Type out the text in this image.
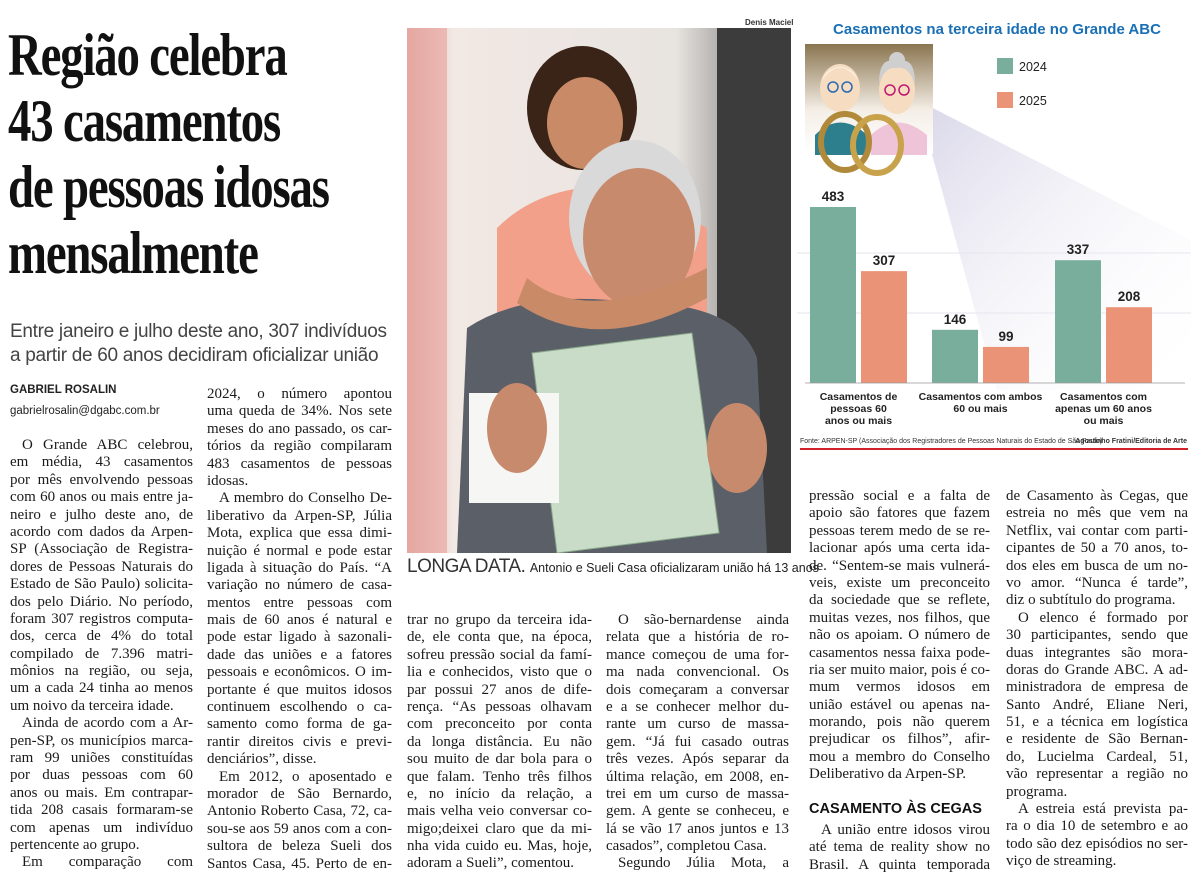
Região celebra
43 casamentos
de pessoas idosas
mensalmente
Entre janeiro e julho deste ano, 307 indivíduos
a partir de 60 anos decidiram oficializar união
GABRIEL ROSALIN
gabrielrosalin@dgabc.com.br
O Grande ABC celebrou,
em média, 43 casamentos
por mês envolvendo pessoas
com 60 anos ou mais entre ja-
neiro e julho deste ano, de
acordo com dados da Arpen-
SP (Associação de Registra-
dores de Pessoas Naturais do
Estado de São Paulo) solicita-
dos pelo Diário. No período,
foram 307 registros computa-
dos, cerca de 4% do total
compilado de 7.396 matri-
mônios na região, ou seja,
um a cada 24 tinha ao menos
um noivo da terceira idade.
Ainda de acordo com a Ar-
pen-SP, os municípios marca-
ram 99 uniões constituídas
por duas pessoas com 60
anos ou mais. Em contrapar-
tida 208 casais formaram-se
com apenas um indivíduo
pertencente ao grupo.
Em comparação com
2024, o número apontou
uma queda de 34%. Nos sete
meses do ano passado, os car-
tórios da região compilaram
483 casamentos de pessoas
idosas.
A membro do Conselho De-
liberativo da Arpen-SP, Júlia
Mota, explica que essa dimi-
nuição é normal e pode estar
ligada à situação do País. “A
variação no número de casa-
mentos entre pessoas com
mais de 60 anos é natural e
pode estar ligado à sazonali-
dade das uniões e a fatores
pessoais e econômicos. O im-
portante é que muitos idosos
continuem escolhendo o ca-
samento como forma de ga-
rantir direitos civis e previ-
denciários”, disse.
Em 2012, o aposentado e
morador de São Bernardo,
Antonio Roberto Casa, 72, ca-
sou-se aos 59 anos com a con-
sultora de beleza Sueli dos
Santos Casa, 45. Perto de en-
trar no grupo da terceira ida-
de, ele conta que, na época,
sofreu pressão social da famí-
lia e conhecidos, visto que o
par possui 27 anos de dife-
rença. “As pessoas olhavam
com preconceito por conta
da longa distância. Eu não
sou muito de dar bola para o
que falam. Tenho três filhos
e, no início da relação, a
mais velha veio conversar co-
migo;deixei claro que da mi-
nha vida cuido eu. Mas, hoje,
adoram a Sueli”, comentou.
O são-bernardense ainda
relata que a história de ro-
mance começou de uma for-
ma nada convencional. Os
dois começaram a conversar
e a se conhecer melhor du-
rante um curso de massa-
gem. “Já fui casado outras
três vezes. Após separar da
última relação, em 2008, en-
trei em um curso de massa-
gem. A gente se conheceu, e
lá se vão 17 anos juntos e 13
casados”, completou Casa.
Segundo Júlia Mota, a
pressão social e a falta de
apoio são fatores que fazem
pessoas terem medo de se re-
lacionar após uma certa ida-
de. “Sentem-se mais vulnerá-
veis, existe um preconceito
da sociedade que se reflete,
muitas vezes, nos filhos, que
não os apoiam. O número de
casamentos nessa faixa pode-
ria ser muito maior, pois é co-
mum vermos idosos em
união estável ou apenas na-
morando, pois não querem
prejudicar os filhos”, afir-
mou a membro do Conselho
Deliberativo da Arpen-SP.
CASAMENTO ÀS CEGAS
A união entre idosos virou
até tema de reality show no
Brasil. A quinta temporada
de Casamento às Cegas, que
estreia no mês que vem na
Netflix, vai contar com parti-
cipantes de 50 a 70 anos, to-
dos eles em busca de um no-
vo amor. “Nunca é tarde”,
diz o subtítulo do programa.
O elenco é formado por
30 participantes, sendo que
duas integrantes são mora-
doras do Grande ABC. A ad-
ministradora de empresa de
Santo André, Eliane Neri,
51, e a técnica em logística
e residente de São Bernan-
do, Lucielma Cardeal, 51,
vão representar a região no
programa.
A estreia está prevista pa-
ra o dia 10 de setembro e ao
todo são dez episódios no ser-
viço de streaming.
Denis Maciel
LONGA DATA. Antonio e Sueli Casa oficializaram união há 13 anos
Casamentos na terceira idade no Grande ABC
2024
2025
483
307
146
99
337
208
Casamentos de
pessoas 60
anos ou mais
Casamentos com ambos
60 ou mais
Casamentos com
apenas um 60 anos
ou mais
Fonte: ARPEN-SP (Associação dos Registradores de Pessoas Naturais do Estado de São Paulo)
Agostinho Fratini/Editoria de Arte
